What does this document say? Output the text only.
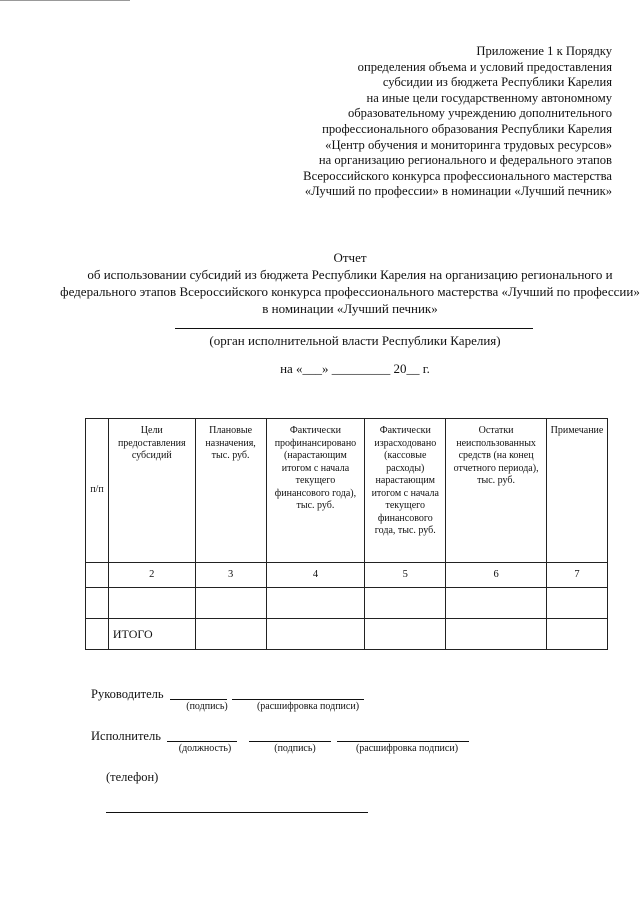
Приложение 1 к Порядку
определения объема и условий предоставления
субсидии из бюджета Республики Карелия
на иные цели государственному автономному
образовательному учреждению дополнительного
профессионального образования Республики Карелия
«Центр обучения и мониторинга трудовых ресурсов»
на организацию регионального и федерального этапов
Всероссийского конкурса профессионального мастерства
«Лучший по профессии» в номинации «Лучший печник»
Отчет
об использовании субсидий из бюджета Республики Карелия на организацию регионального и федерального этапов Всероссийского конкурса профессионального мастерства «Лучший по профессии» в номинации «Лучший печник»
(орган исполнительной власти Республики Карелия)
на «___» _________ 20__ г.
п/п	Цели предоставления субсидий	Плановые назначения, тыс. руб.	Фактически профинансировано (нарастающим итогом с начала текущего финансового года), тыс. руб.	Фактически израсходовано (кассовые расходы) нарастающим итогом с начала текущего финансового года, тыс. руб.	Остатки неиспользованных средств (на конец отчетного периода), тыс. руб.	Примечание
	2	3	4	5	6	7

	ИТОГО					
Руководитель
(подпись)	(расшифровка подписи)
Исполнитель
(должность)	(подпись)	(расшифровка подписи)
(телефон)
